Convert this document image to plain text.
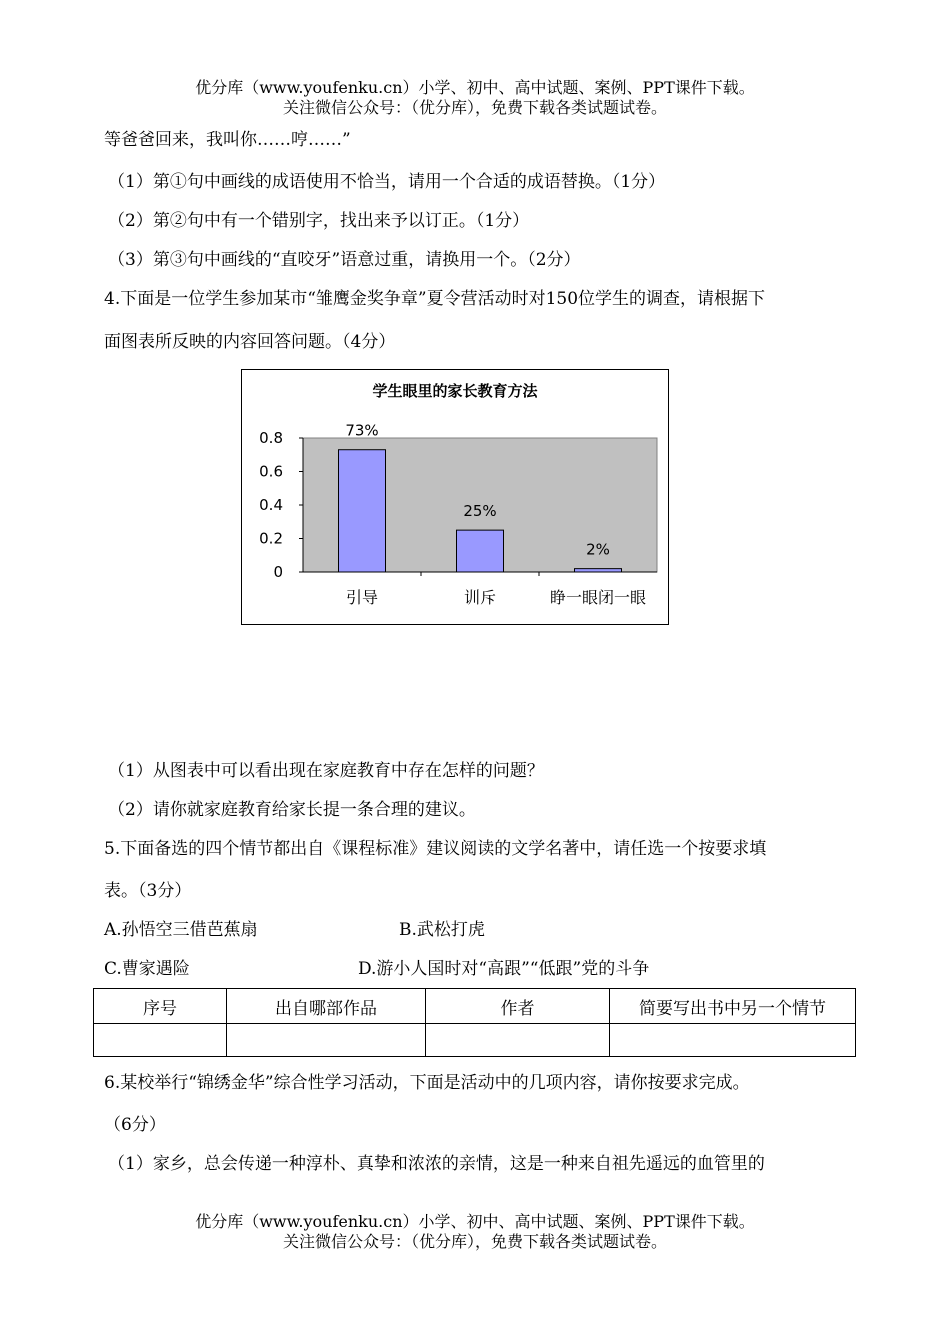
优分库（www.youfenku.cn）小学、初中、高中试题、案例、PPT课件下载。
关注微信公众号：（优分库），免费下载各类试题试卷。
等爸爸回来，我叫你……哼……”
（1）第①句中画线的成语使用不恰当，请用一个合适的成语替换。（1分）
（2）第②句中有一个错别字，找出来予以订正。（1分）
（3）第③句中画线的“直咬牙”语意过重，请换用一个。（2分）
4.下面是一位学生参加某市“雏鹰金奖争章”夏令营活动时对150位学生的调查，请根据下
面图表所反映的内容回答问题。（4分）
学生眼里的家长教育方法
0
0.2
0.4
0.6
0.8	73%
引导
25%
训斥
2%
睁一眼闭一眼
（1）从图表中可以看出现在家庭教育中存在怎样的问题？
（2）请你就家庭教育给家长提一条合理的建议。
5.下面备选的四个情节都出自《课程标准》建议阅读的文学名著中，请任选一个按要求填
表。（3分）
A.孙悟空三借芭蕉扇	B.武松打虎
C.曹家遇险	D.游小人国时对“高跟”“低跟”党的斗争
序号	出自哪部作品	作者	简要写出书中另一个情节

6.某校举行“锦绣金华”综合性学习活动，下面是活动中的几项内容，请你按要求完成。
（6分）
（1）家乡，总会传递一种淳朴、真挚和浓浓的亲情，这是一种来自祖先遥远的血管里的
优分库（www.youfenku.cn）小学、初中、高中试题、案例、PPT课件下载。
关注微信公众号：（优分库），免费下载各类试题试卷。
